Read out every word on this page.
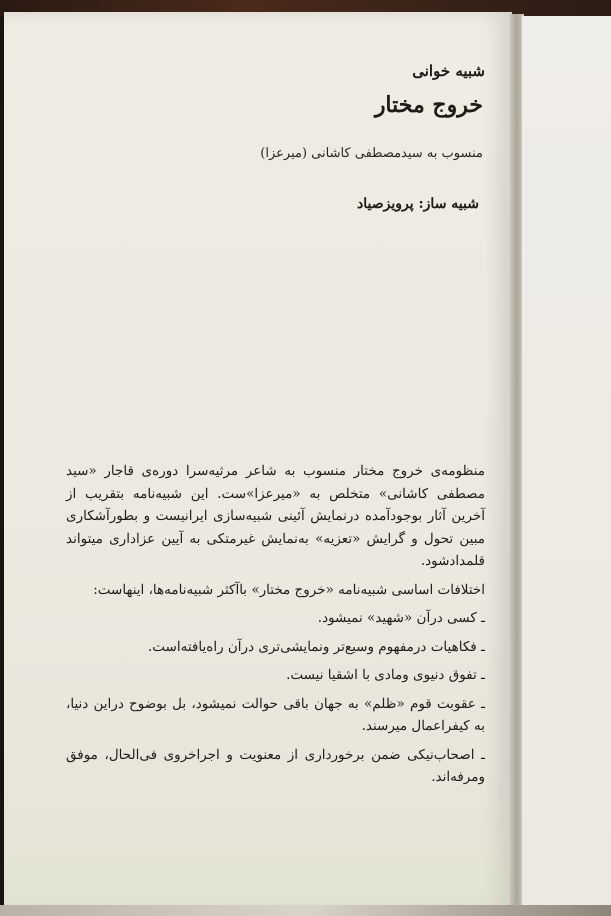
شبیه خوانی
خروج مختار
منسوب به سیدمصطفی کاشانی (میرعزا)
شبیه ساز: پرویزصیاد

منظومه‌ی خروج مختار منسوب به شاعر مرثیه‌سرا دوره‌ی قاجار «سید مصطفی کاشانی» متخلص به «میرعزا»ست. این شبیه‌نامه بتقریب از آخرین آثار بوجودآمده درنمایش آئینی شبیه‌سازی ایرانیست و بطورآشکاری مبین تحول و گرایش «تعزیه» به‌نمایش غیرمتکی به آیین عزاداری میتواند قلمدادشود.

اختلافات اساسی شبیه‌نامه «خروج مختار» باآکثر شبیه‌نامه‌ها، اینهاست:

ـ کسی درآن «شهید» نمیشود.

ـ فکاهیات درمفهوم وسیع‌تر ونمایشی‌تری درآن راه‌یافته‌است.

ـ تفوق دنیوی ومادی با اشقیا نیست.

ـ عقوبت قوم «ظلم» به جهان باقی حوالت نمیشود، بل بوضوح دراین دنیا، به کیفراعمال میرسند.

ـ اصحاب‌نیکی ضمن برخورداری از معنویت و اجراخروی فی‌الحال، موفق ومرفه‌اند.
